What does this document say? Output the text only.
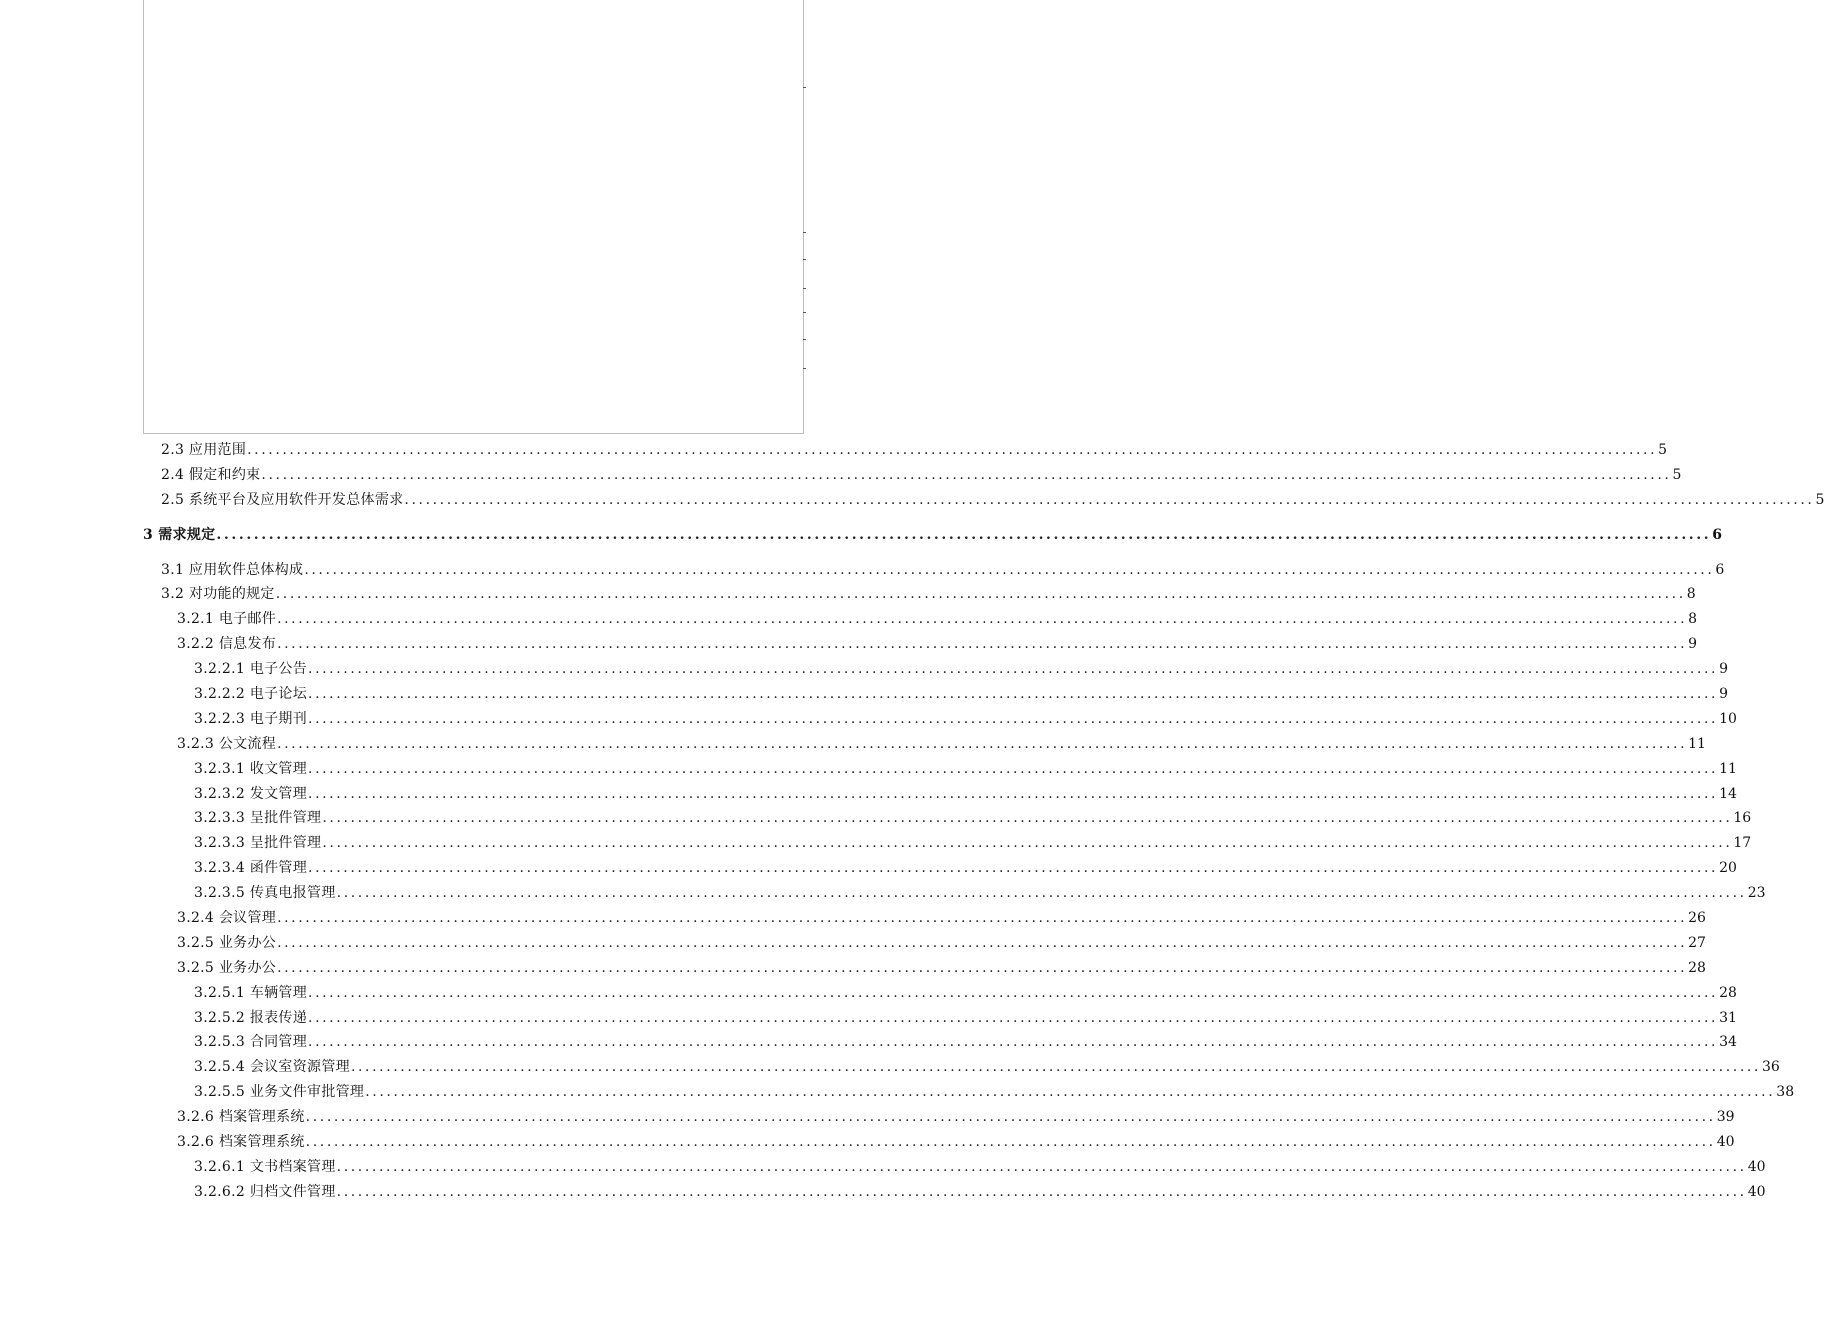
2.3 应用范围 ........................................................................................................................................................................................................ 5
2.4 假定和约束 ........................................................................................................................................................................................................ 5
2.5 系统平台及应用软件开发总体需求 ........................................................................................................................................................................................................ 5
3 需求规定 ........................................................................................................................................................................................................ 6
3.1 应用软件总体构成 ........................................................................................................................................................................................................ 6
3.2 对功能的规定 ........................................................................................................................................................................................................ 8
3.2.1 电子邮件 ........................................................................................................................................................................................................ 8
3.2.2 信息发布 ........................................................................................................................................................................................................ 9
3.2.2.1 电子公告 ........................................................................................................................................................................................................ 9
3.2.2.2 电子论坛 ........................................................................................................................................................................................................ 9
3.2.2.3 电子期刊 ........................................................................................................................................................................................................ 10
3.2.3 公文流程 ........................................................................................................................................................................................................ 11
3.2.3.1 收文管理 ........................................................................................................................................................................................................ 11
3.2.3.2 发文管理 ........................................................................................................................................................................................................ 14
3.2.3.3 呈批件管理 ........................................................................................................................................................................................................ 16
3.2.3.3 呈批件管理 ........................................................................................................................................................................................................ 17
3.2.3.4 函件管理 ........................................................................................................................................................................................................ 20
3.2.3.5 传真电报管理 ........................................................................................................................................................................................................ 23
3.2.4 会议管理 ........................................................................................................................................................................................................ 26
3.2.5 业务办公 ........................................................................................................................................................................................................ 27
3.2.5 业务办公 ........................................................................................................................................................................................................ 28
3.2.5.1 车辆管理 ........................................................................................................................................................................................................ 28
3.2.5.2 报表传递 ........................................................................................................................................................................................................ 31
3.2.5.3 合同管理 ........................................................................................................................................................................................................ 34
3.2.5.4 会议室资源管理 ........................................................................................................................................................................................................ 36
3.2.5.5 业务文件审批管理 ........................................................................................................................................................................................................ 38
3.2.6 档案管理系统 ........................................................................................................................................................................................................ 39
3.2.6 档案管理系统 ........................................................................................................................................................................................................ 40
3.2.6.1 文书档案管理 ........................................................................................................................................................................................................ 40
3.2.6.2 归档文件管理 ........................................................................................................................................................................................................ 40
